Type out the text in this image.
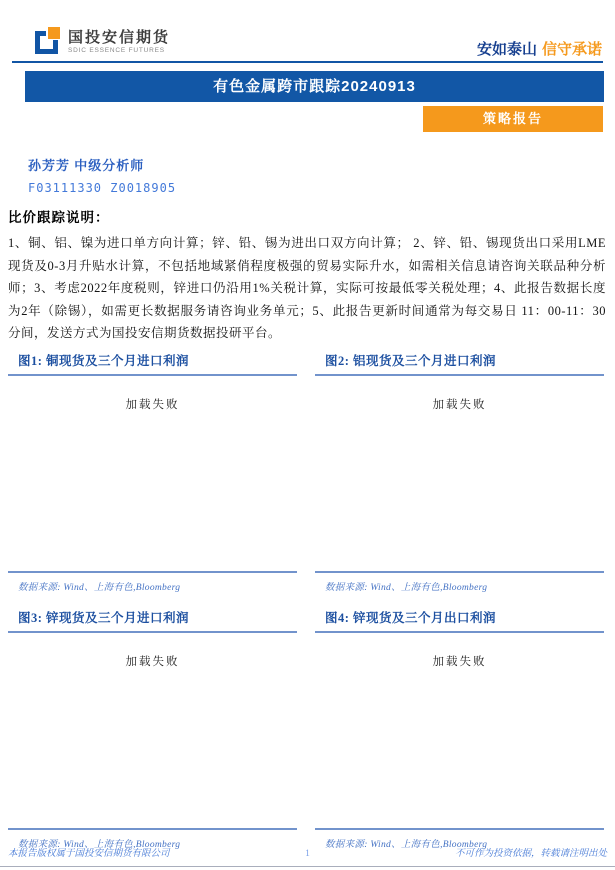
国投安信期货
SDIC ESSENCE FUTURES	安如泰山 信守承诺
有色金属跨市跟踪20240913
策略报告
孙芳芳 中级分析师
F03111330 Z0018905
比价跟踪说明：

1、铜、铝、镍为进口单方向计算；锌、铅、锡为进出口双方向计算； 2、锌、铅、锡现货出口采用LME现货及0-3月升贴水计算，不包括地域紧俏程度极强的贸易实际升水，如需相关信息请咨询关联品种分析师；3、考虑2022年度税则，锌进口仍沿用1%关税计算，实际可按最低零关税处理；4、此报告数据长度为2年（除锡），如需更长数据服务请咨询业务单元；5、此报告更新时间通常为每交易日 11：00-11：30分间，发送方式为国投安信期货数据投研平台。

图1: 铜现货及三个月进口利润
加载失败
数据来源: Wind、上海有色,Bloomberg
图2: 铝现货及三个月进口利润
加载失败
数据来源: Wind、上海有色,Bloomberg
图3: 锌现货及三个月进口利润
加载失败
数据来源: Wind、上海有色,Bloomberg
图4: 锌现货及三个月出口利润
加载失败
数据来源: Wind、上海有色,Bloomberg
本报告版权属于国投安信期货有限公司	1	不可作为投资依据，转载请注明出处
